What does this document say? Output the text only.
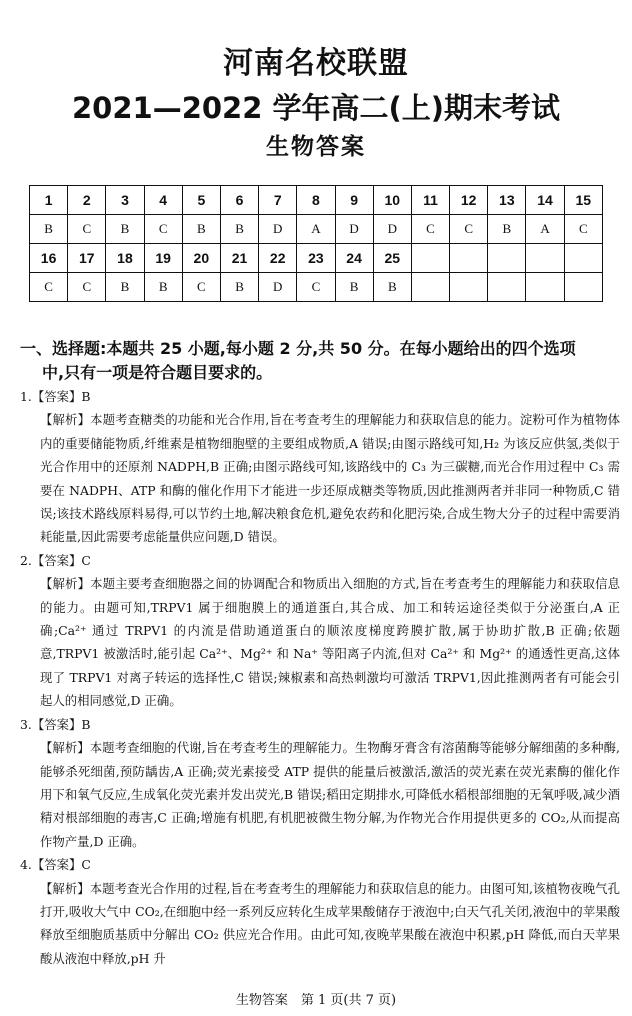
河南名校联盟
2021—2022 学年高二(上)期末考试
生物答案
1	2	3	4	5	6	7	8	9	10	11	12	13	14	15
B	C	B	C	B	B	D	A	D	D	C	C	B	A	C
16	17	18	19	20	21	22	23	24	25					
C	C	B	B	C	B	D	C	B	B					
一、选择题:本题共 25 小题,每小题 2 分,共 50 分。在每小题给出的四个选项
中,只有一项是符合题目要求的。
1.【答案】B
【解析】本题考查糖类的功能和光合作用,旨在考查考生的理解能力和获取信息的能力。淀粉可作为植物体内的重要储能物质,纤维素是植物细胞壁的主要组成物质,A 错误;由图示路线可知,H₂ 为该反应供氢,类似于光合作用中的还原剂 NADPH,B 正确;由图示路线可知,该路线中的 C₃ 为三碳糖,而光合作用过程中 C₃ 需要在 NADPH、ATP 和酶的催化作用下才能进一步还原成糖类等物质,因此推测两者并非同一种物质,C 错误;该技术路线原料易得,可以节约土地,解决粮食危机,避免农药和化肥污染,合成生物大分子的过程中需要消耗能量,因此需要考虑能量供应问题,D 错误。
2.【答案】C
【解析】本题主要考查细胞器之间的协调配合和物质出入细胞的方式,旨在考查考生的理解能力和获取信息的能力。由题可知,TRPV1 属于细胞膜上的通道蛋白,其合成、加工和转运途径类似于分泌蛋白,A 正确;Ca²⁺ 通过 TRPV1 的内流是借助通道蛋白的顺浓度梯度跨膜扩散,属于协助扩散,B 正确;依题意,TRPV1 被激活时,能引起 Ca²⁺、Mg²⁺ 和 Na⁺ 等阳离子内流,但对 Ca²⁺ 和 Mg²⁺ 的通透性更高,这体现了 TRPV1 对离子转运的选择性,C 错误;辣椒素和高热刺激均可激活 TRPV1,因此推测两者有可能会引起人的相同感觉,D 正确。
3.【答案】B
【解析】本题考查细胞的代谢,旨在考查考生的理解能力。生物酶牙膏含有溶菌酶等能够分解细菌的多种酶,能够杀死细菌,预防龋齿,A 正确;荧光素接受 ATP 提供的能量后被激活,激活的荧光素在荧光素酶的催化作用下和氧气反应,生成氧化荧光素并发出荧光,B 错误;稻田定期排水,可降低水稻根部细胞的无氧呼吸,减少酒精对根部细胞的毒害,C 正确;增施有机肥,有机肥被微生物分解,为作物光合作用提供更多的 CO₂,从而提高作物产量,D 正确。
4.【答案】C
【解析】本题考查光合作用的过程,旨在考查考生的理解能力和获取信息的能力。由图可知,该植物夜晚气孔打开,吸收大气中 CO₂,在细胞中经一系列反应转化生成苹果酸储存于液泡中;白天气孔关闭,液泡中的苹果酸释放至细胞质基质中分解出 CO₂ 供应光合作用。由此可知,夜晚苹果酸在液泡中积累,pH 降低,而白天苹果酸从液泡中释放,pH 升
生物答案　第 1 页(共 7 页)
